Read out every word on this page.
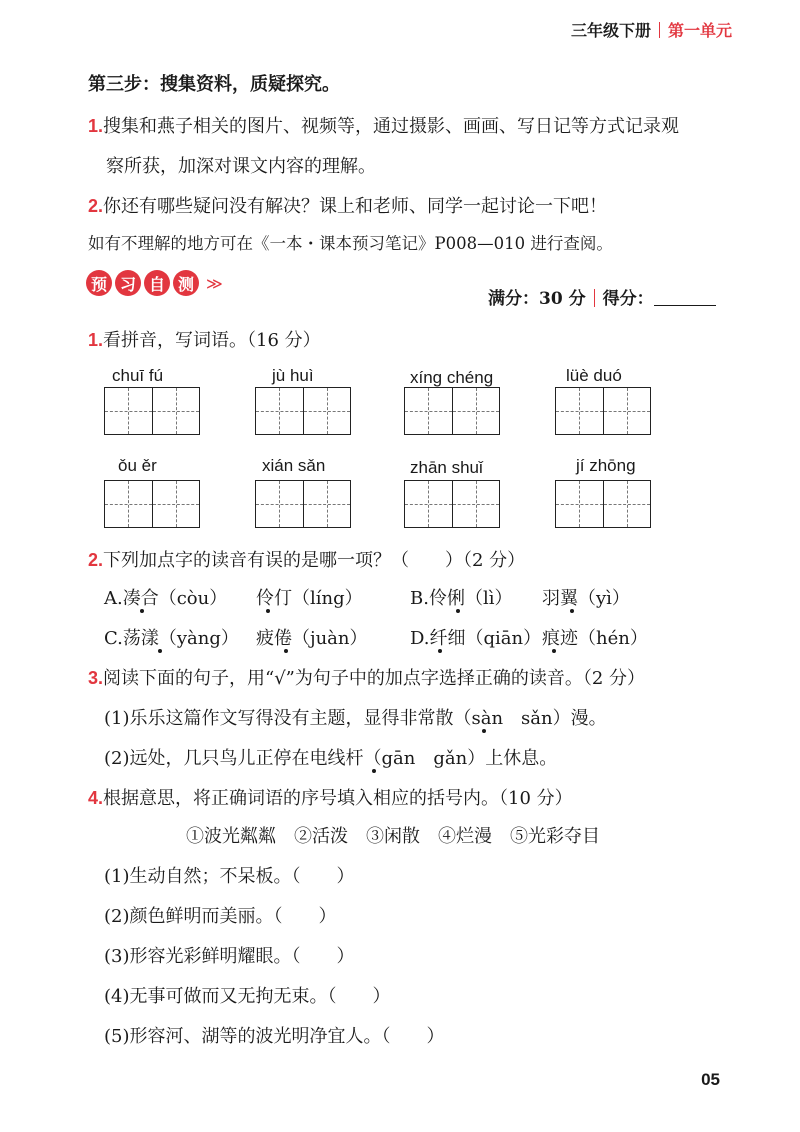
三年级下册 第一单元
第三步：搜集资料，质疑探究。
1.搜集和燕子相关的图片、视频等，通过摄影、画画、写日记等方式记录观
察所获，加深对课文内容的理解。
2.你还有哪些疑问没有解决？课上和老师、同学一起讨论一下吧！
如有不理解的地方可在《一本・课本预习笔记》P008—010 进行查阅。
预 习 自 测 ≫
满分：30 分 得分：
1.看拼音，写词语。（16 分）
chuī fú	jù huì	xíng chéng	lüè duó
ǒu ěr	xián sǎn	zhān shuǐ	jí zhōng
2.下列加点字的读音有误的是哪一项？（　　）（2 分）
A.凑合（còu） 伶仃（líng）	B.伶俐（lì） 羽翼（yì）
C.荡漾（yàng） 疲倦（juàn） D.纤细（qiān） 痕迹（hén）
3.阅读下面的句子，用“√”为句子中的加点字选择正确的读音。（2 分）
(1)乐乐这篇作文写得没有主题，显得非常散（sàn　sǎn）漫。
(2)远处，几只鸟儿正停在电线杆（gān　gǎn）上休息。
4.根据意思，将正确词语的序号填入相应的括号内。（10 分）
①波光粼粼　②活泼　③闲散　④烂漫　⑤光彩夺目
(1)生动自然；不呆板。（　　）
(2)颜色鲜明而美丽。（　　）
(3)形容光彩鲜明耀眼。（　　）
(4)无事可做而又无拘无束。（　　）
(5)形容河、湖等的波光明净宜人。（　　）
05
